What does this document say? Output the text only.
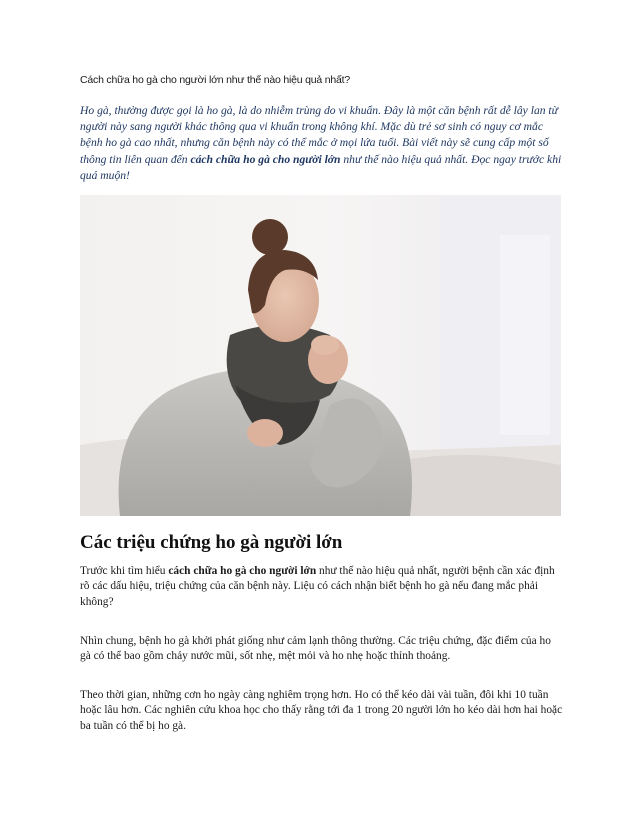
Cách chữa ho gà cho người lớn như thế nào hiệu quả nhất?

Ho gà, thường được gọi là ho gà, là do nhiễm trùng do vi khuẩn. Đây là một căn bệnh rất dễ lây lan từ người này sang người khác thông qua vi khuẩn trong không khí. Mặc dù trẻ sơ sinh có nguy cơ mắc bệnh ho gà cao nhất, nhưng căn bệnh này có thể mắc ở mọi lứa tuổi. Bài viết này sẽ cung cấp một số thông tin liên quan đến cách chữa ho gà cho người lớn như thế nào hiệu quả nhất. Đọc ngay trước khi quá muộn!

Các triệu chứng ho gà người lớn

Trước khi tìm hiểu cách chữa ho gà cho người lớn như thế nào hiệu quả nhất, người bệnh cần xác định rõ các dấu hiệu, triệu chứng của căn bệnh này. Liệu có cách nhận biết bệnh ho gà nếu đang mắc phải không?

Nhìn chung, bệnh ho gà khởi phát giống như cảm lạnh thông thường. Các triệu chứng, đặc điểm của ho gà có thể bao gồm chảy nước mũi, sốt nhẹ, mệt mỏi và ho nhẹ hoặc thỉnh thoảng.

Theo thời gian, những cơn ho ngày càng nghiêm trọng hơn. Ho có thể kéo dài vài tuần, đôi khi 10 tuần hoặc lâu hơn. Các nghiên cứu khoa học cho thấy rằng tới đa 1 trong 20 người lớn ho kéo dài hơn hai hoặc ba tuần có thể bị ho gà.
